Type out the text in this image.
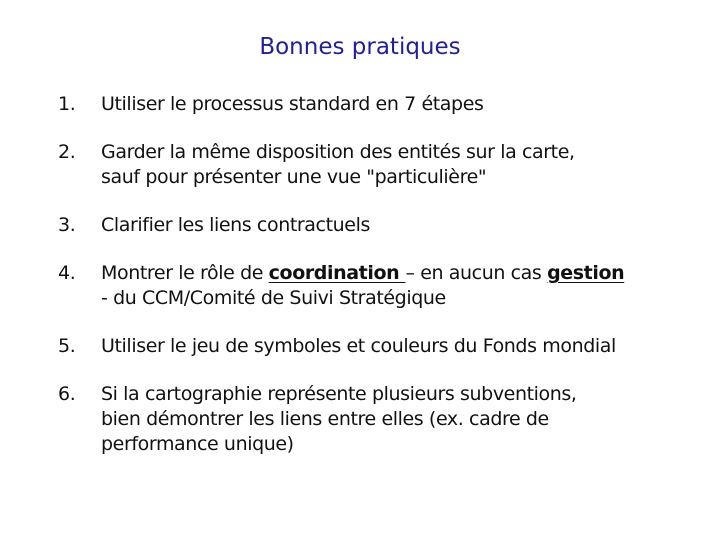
Bonnes pratiques
1. Utiliser le processus standard en 7 étapes
2. Garder la même disposition des entités sur la carte,
sauf pour présenter une vue "particulière"
3. Clarifier les liens contractuels
4. Montrer le rôle de coordination – en aucun cas gestion
- du CCM/Comité de Suivi Stratégique
5. Utiliser le jeu de symboles et couleurs du Fonds mondial
6. Si la cartographie représente plusieurs subventions,
bien démontrer les liens entre elles (ex. cadre de
performance unique)
